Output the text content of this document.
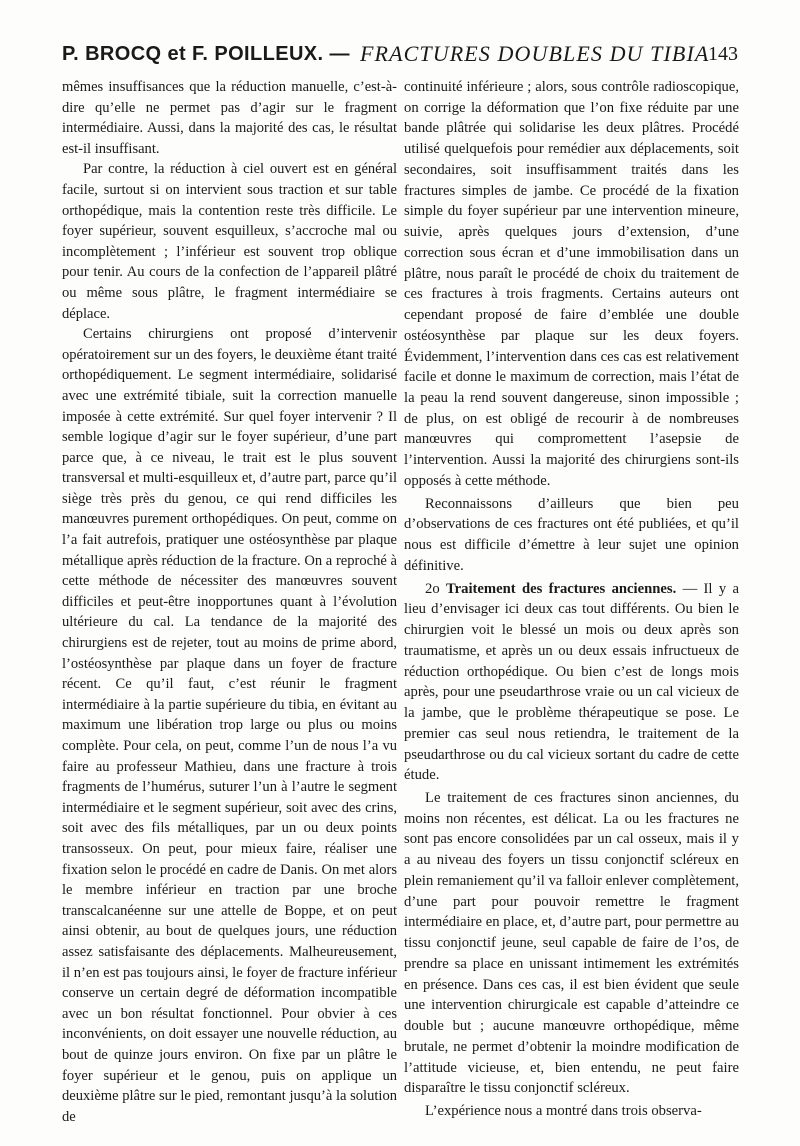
P. BROCQ et F. POILLEUX. — FRACTURES DOUBLES DU TIBIA
143

mêmes insuffisances que la réduction manuelle, c’est-à-dire qu’elle ne permet pas d’agir sur le fragment intermédiaire. Aussi, dans la majorité des cas, le résultat est-il insuffisant.

Par contre, la réduction à ciel ouvert est en général facile, surtout si on intervient sous traction et sur table orthopédique, mais la contention reste très difficile. Le foyer supérieur, souvent esquilleux, s’accroche mal ou incomplètement ; l’inférieur est souvent trop oblique pour tenir. Au cours de la confection de l’appareil plâtré ou même sous plâtre, le fragment intermédiaire se déplace.

Certains chirurgiens ont proposé d’intervenir opératoirement sur un des foyers, le deuxième étant traité orthopédiquement. Le segment intermédiaire, solidarisé avec une extrémité tibiale, suit la correction manuelle imposée à cette extrémité. Sur quel foyer intervenir ? Il semble logique d’agir sur le foyer supérieur, d’une part parce que, à ce niveau, le trait est le plus souvent transversal et multi-esquilleux et, d’autre part, parce qu’il siège très près du genou, ce qui rend difficiles les manœuvres purement orthopédiques. On peut, comme on l’a fait autrefois, pratiquer une ostéosynthèse par plaque métallique après réduction de la fracture. On a reproché à cette méthode de nécessiter des manœuvres souvent difficiles et peut-être inopportunes quant à l’évolution ultérieure du cal. La tendance de la majorité des chirurgiens est de rejeter, tout au moins de prime abord, l’ostéosynthèse par plaque dans un foyer de fracture récent. Ce qu’il faut, c’est réunir le fragment intermédiaire à la partie supérieure du tibia, en évitant au maximum une libération trop large ou plus ou moins complète. Pour cela, on peut, comme l’un de nous l’a vu faire au professeur Mathieu, dans une fracture à trois fragments de l’humérus, suturer l’un à l’autre le segment intermédiaire et le segment supérieur, soit avec des crins, soit avec des fils métalliques, par un ou deux points transosseux. On peut, pour mieux faire, réaliser une fixation selon le procédé en cadre de Danis. On met alors le membre inférieur en traction par une broche transcalcanéenne sur une attelle de Boppe, et on peut ainsi obtenir, au bout de quelques jours, une réduction assez satisfaisante des déplacements. Malheureusement, il n’en est pas toujours ainsi, le foyer de fracture inférieur conserve un certain degré de déformation incompatible avec un bon résultat fonctionnel. Pour obvier à ces inconvénients, on doit essayer une nouvelle réduction, au bout de quinze jours environ. On fixe par un plâtre le foyer supérieur et le genou, puis on applique un deuxième plâtre sur le pied, remontant jusqu’à la solution de

continuité inférieure ; alors, sous contrôle radioscopique, on corrige la déformation que l’on fixe réduite par une bande plâtrée qui solidarise les deux plâtres. Procédé utilisé quelquefois pour remédier aux déplacements, soit secondaires, soit insuffisamment traités dans les fractures simples de jambe. Ce procédé de la fixation simple du foyer supérieur par une intervention mineure, suivie, après quelques jours d’extension, d’une correction sous écran et d’une immobilisation dans un plâtre, nous paraît le procédé de choix du traitement de ces fractures à trois fragments. Certains auteurs ont cependant proposé de faire d’emblée une double ostéosynthèse par plaque sur les deux foyers. Évidemment, l’intervention dans ces cas est relativement facile et donne le maximum de correction, mais l’état de la peau la rend souvent dangereuse, sinon impossible ; de plus, on est obligé de recourir à de nombreuses manœuvres qui compromettent l’asepsie de l’intervention. Aussi la majorité des chirurgiens sont-ils opposés à cette méthode.

Reconnaissons d’ailleurs que bien peu d’observations de ces fractures ont été publiées, et qu’il nous est difficile d’émettre à leur sujet une opinion définitive.

2o Traitement des fractures anciennes. — Il y a lieu d’envisager ici deux cas tout différents. Ou bien le chirurgien voit le blessé un mois ou deux après son traumatisme, et après un ou deux essais infructueux de réduction orthopédique. Ou bien c’est de longs mois après, pour une pseudarthrose vraie ou un cal vicieux de la jambe, que le problème thérapeutique se pose. Le premier cas seul nous retiendra, le traitement de la pseudarthrose ou du cal vicieux sortant du cadre de cette étude.

Le traitement de ces fractures sinon anciennes, du moins non récentes, est délicat. La ou les fractures ne sont pas encore consolidées par un cal osseux, mais il y a au niveau des foyers un tissu conjonctif scléreux en plein remaniement qu’il va falloir enlever complètement, d’une part pour pouvoir remettre le fragment intermédiaire en place, et, d’autre part, pour permettre au tissu conjonctif jeune, seul capable de faire de l’os, de prendre sa place en unissant intimement les extrémités en présence. Dans ces cas, il est bien évident que seule une intervention chirurgicale est capable d’atteindre ce double but ; aucune manœuvre orthopédique, même brutale, ne permet d’obtenir la moindre modification de l’attitude vicieuse, et, bien entendu, ne peut faire disparaître le tissu conjonctif scléreux.

L’expérience nous a montré dans trois observa-
